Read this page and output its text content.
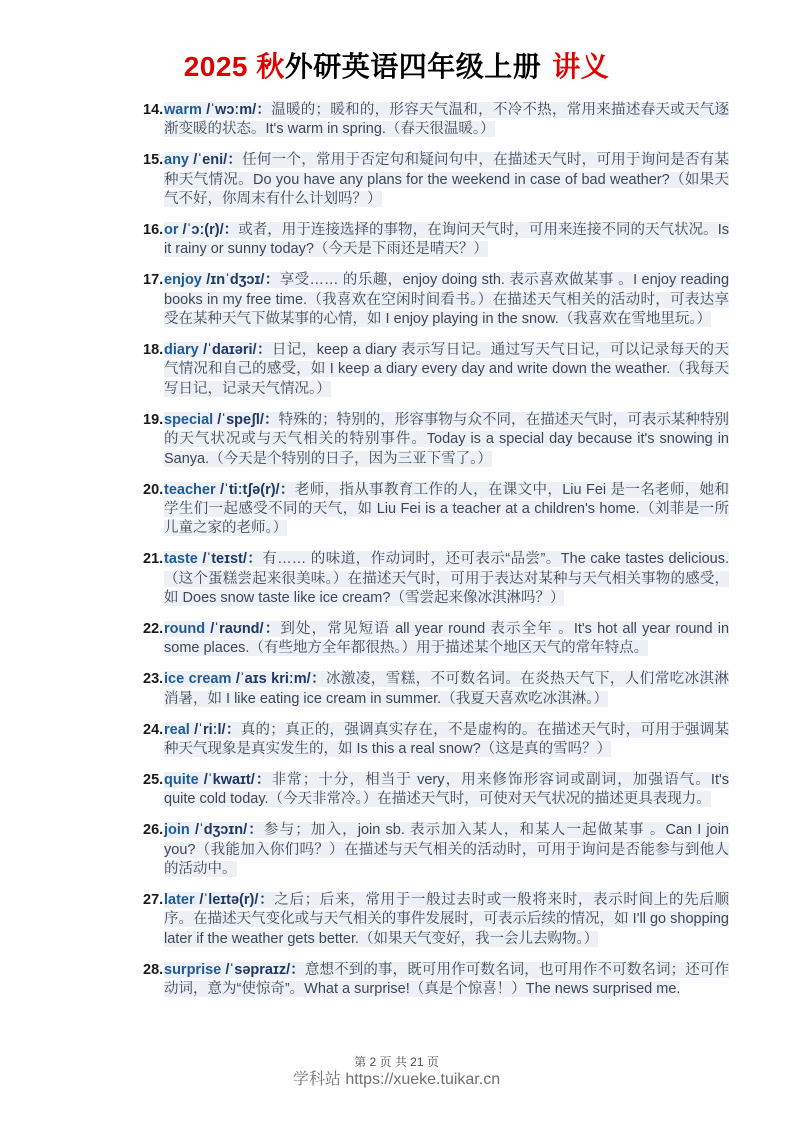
2025 秋外研英语四年级上册 讲义
14. warm /ˈwɔːm/：温暖的；暖和的，形容天气温和，不冷不热，常用来描述春天或天气逐渐变暖的状态。It's warm in spring.（春天很温暖。）

15. any /ˈeni/：任何一个，常用于否定句和疑问句中，在描述天气时，可用于询问是否有某种天气情况。Do you have any plans for the weekend in case of bad weather?（如果天气不好，你周末有什么计划吗？）

16. or /ˈɔː(r)/：或者，用于连接选择的事物，在询问天气时，可用来连接不同的天气状况。Is it rainy or sunny today?（今天是下雨还是晴天？）

17. enjoy /ɪnˈdʒɔɪ/：享受…… 的乐趣，enjoy doing sth. 表示喜欢做某事 。I enjoy reading books in my free time.（我喜欢在空闲时间看书。）在描述天气相关的活动时，可表达享受在某种天气下做某事的心情，如 I enjoy playing in the snow.（我喜欢在雪地里玩。）

18. diary /ˈdaɪəri/：日记，keep a diary 表示写日记。通过写天气日记，可以记录每天的天气情况和自己的感受，如 I keep a diary every day and write down the weather.（我每天写日记，记录天气情况。）

19. special /ˈspeʃl/：特殊的；特别的，形容事物与众不同，在描述天气时，可表示某种特别的天气状况或与天气相关的特别事件。Today is a special day because it's snowing in Sanya.（今天是个特别的日子，因为三亚下雪了。）

20. teacher /ˈtiːtʃə(r)/：老师，指从事教育工作的人，在课文中，Liu Fei 是一名老师，她和学生们一起感受不同的天气，如 Liu Fei is a teacher at a children's home.（刘菲是一所儿童之家的老师。）

21. taste /ˈteɪst/：有…… 的味道，作动词时，还可表示“品尝”。The cake tastes delicious.（这个蛋糕尝起来很美味。）在描述天气时，可用于表达对某种与天气相关事物的感受，如 Does snow taste like ice cream?（雪尝起来像冰淇淋吗？）

22. round /ˈraʊnd/：到处，常见短语 all year round 表示全年 。It's hot all year round in some places.（有些地方全年都很热。）用于描述某个地区天气的常年特点。

23. ice cream /ˈaɪs kriːm/：冰激凌，雪糕，不可数名词。在炎热天气下，人们常吃冰淇淋消暑，如 I like eating ice cream in summer.（我夏天喜欢吃冰淇淋。）

24. real /ˈriːl/：真的；真正的，强调真实存在，不是虚构的。在描述天气时，可用于强调某种天气现象是真实发生的，如 Is this a real snow?（这是真的雪吗？）

25. quite /ˈkwaɪt/：非常；十分，相当于 very，用来修饰形容词或副词，加强语气。It's quite cold today.（今天非常冷。）在描述天气时，可使对天气状况的描述更具表现力。

26. join /ˈdʒɔɪn/：参与；加入，join sb. 表示加入某人，和某人一起做某事 。Can I join you?（我能加入你们吗？）在描述与天气相关的活动时，可用于询问是否能参与到他人的活动中。

27. later /ˈleɪtə(r)/：之后；后来，常用于一般过去时或一般将来时，表示时间上的先后顺序。在描述天气变化或与天气相关的事件发展时，可表示后续的情况，如 I'll go shopping later if the weather gets better.（如果天气变好，我一会儿去购物。）

28. surprise /ˈsəpraɪz/：意想不到的事，既可用作可数名词，也可用作不可数名词；还可作动词，意为“使惊奇”。What a surprise!（真是个惊喜！）The news surprised me.

第 2 页 共 21 页
学科站 https://xueke.tuikar.cn
